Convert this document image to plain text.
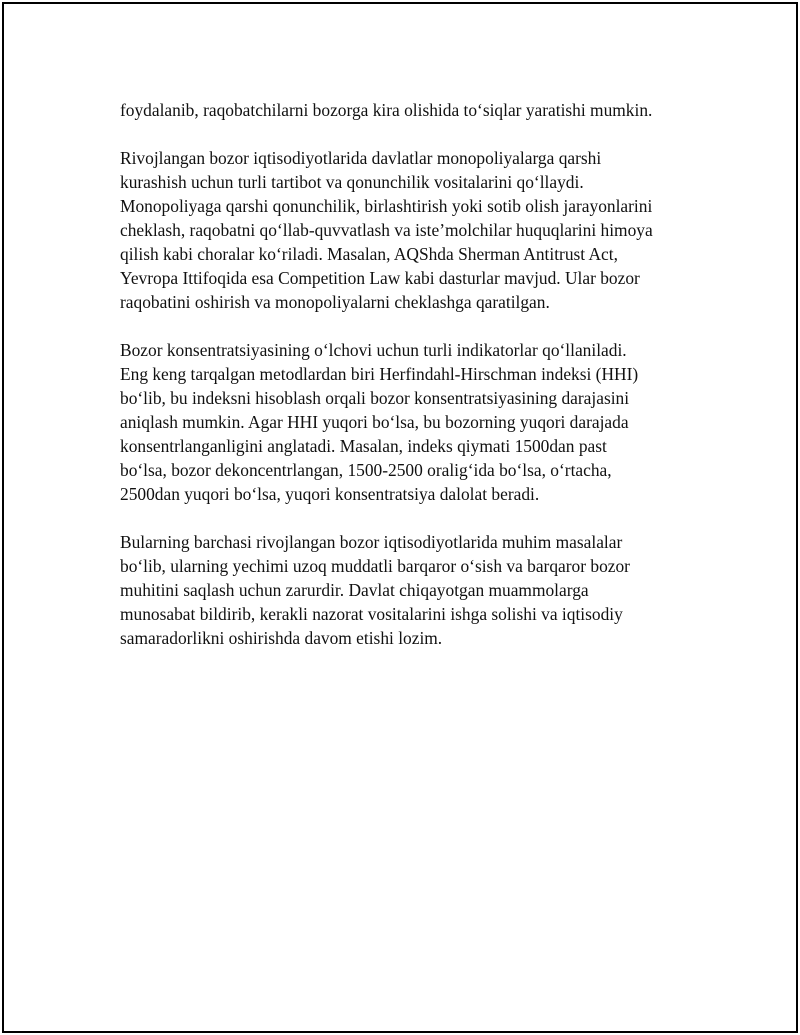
foydalanib, raqobatchilarni bozorga kira olishida to‘siqlar yaratishi mumkin.

Rivojlangan bozor iqtisodiyotlarida davlatlar monopoliyalarga qarshi
kurashish uchun turli tartibot va qonunchilik vositalarini qo‘llaydi.
Monopoliyaga qarshi qonunchilik, birlashtirish yoki sotib olish jarayonlarini
cheklash, raqobatni qo‘llab-quvvatlash va iste’molchilar huquqlarini himoya
qilish kabi choralar ko‘riladi. Masalan, AQShda Sherman Antitrust Act,
Yevropa Ittifoqida esa Competition Law kabi dasturlar mavjud. Ular bozor
raqobatini oshirish va monopoliyalarni cheklashga qaratilgan.

Bozor konsentratsiyasining o‘lchovi uchun turli indikatorlar qo‘llaniladi.
Eng keng tarqalgan metodlardan biri Herfindahl-Hirschman indeksi (HHI)
bo‘lib, bu indeksni hisoblash orqali bozor konsentratsiyasining darajasini
aniqlash mumkin. Agar HHI yuqori bo‘lsa, bu bozorning yuqori darajada
konsentrlanganligini anglatadi. Masalan, indeks qiymati 1500dan past
bo‘lsa, bozor dekoncentrlangan, 1500-2500 oralig‘ida bo‘lsa, o‘rtacha,
2500dan yuqori bo‘lsa, yuqori konsentratsiya dalolat beradi.

Bularning barchasi rivojlangan bozor iqtisodiyotlarida muhim masalalar
bo‘lib, ularning yechimi uzoq muddatli barqaror o‘sish va barqaror bozor
muhitini saqlash uchun zarurdir. Davlat chiqayotgan muammolarga
munosabat bildirib, kerakli nazorat vositalarini ishga solishi va iqtisodiy
samaradorlikni oshirishda davom etishi lozim.
